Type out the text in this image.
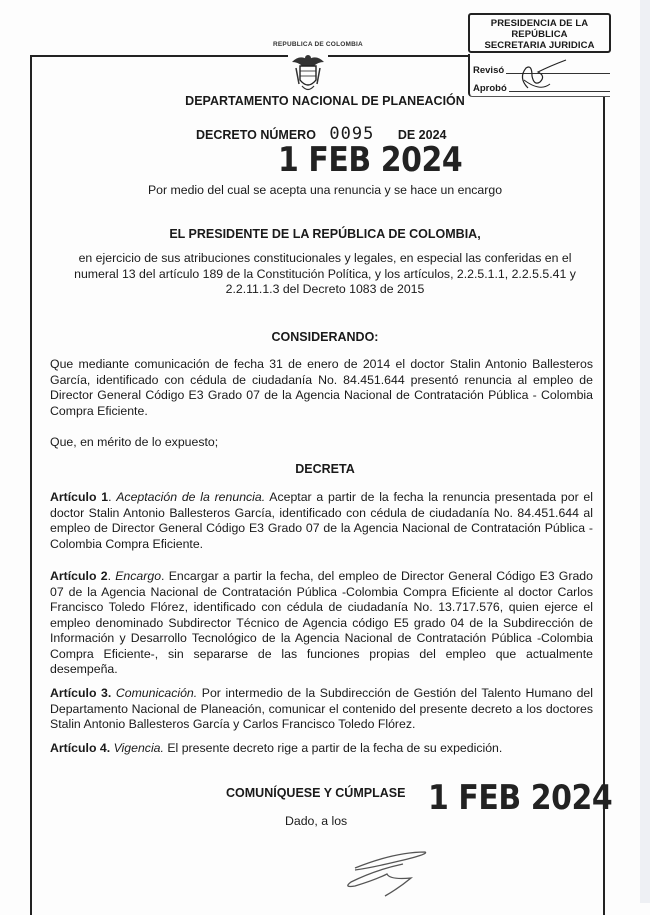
REPUBLICA DE COLOMBIA
PRESIDENCIA DE LA REPÚBLICA
SECRETARIA JURIDICA
Revisó
Aprobó
DEPARTAMENTO NACIONAL DE PLANEACIÓN
DECRETO NÚMERO 0095 DE 2024
1 FEB 2024
Por medio del cual se acepta una renuncia y se hace un encargo
EL PRESIDENTE DE LA REPÚBLICA DE COLOMBIA,
en ejercicio de sus atribuciones constitucionales y legales, en especial las conferidas en el numeral 13 del artículo 189 de la Constitución Política, y los artículos, 2.2.5.1.1, 2.2.5.5.41 y 2.2.11.1.3 del Decreto 1083 de 2015
CONSIDERANDO:
Que mediante comunicación de fecha 31 de enero de 2014 el doctor Stalin Antonio Ballesteros García, identificado con cédula de ciudadanía No. 84.451.644 presentó renuncia al empleo de Director General Código E3 Grado 07 de la Agencia Nacional de Contratación Pública - Colombia Compra Eficiente.
Que, en mérito de lo expuesto;
DECRETA
Artículo 1. Aceptación de la renuncia. Aceptar a partir de la fecha la renuncia presentada por el doctor Stalin Antonio Ballesteros García, identificado con cédula de ciudadanía No. 84.451.644 al empleo de Director General Código E3 Grado 07 de la Agencia Nacional de Contratación Pública -Colombia Compra Eficiente.
Artículo 2. Encargo. Encargar a partir la fecha, del empleo de Director General Código E3 Grado 07 de la Agencia Nacional de Contratación Pública -Colombia Compra Eficiente al doctor Carlos Francisco Toledo Flórez, identificado con cédula de ciudadanía No. 13.717.576, quien ejerce el empleo denominado Subdirector Técnico de Agencia código E5 grado 04 de la Subdirección de Información y Desarrollo Tecnológico de la Agencia Nacional de Contratación Pública -Colombia Compra Eficiente-, sin separarse de las funciones propias del empleo que actualmente desempeña.
Artículo 3. Comunicación. Por intermedio de la Subdirección de Gestión del Talento Humano del Departamento Nacional de Planeación, comunicar el contenido del presente decreto a los doctores Stalin Antonio Ballesteros García y Carlos Francisco Toledo Flórez.
Artículo 4. Vigencia. El presente decreto rige a partir de la fecha de su expedición.
COMUNÍQUESE Y CÚMPLASE 1 FEB 2024
Dado, a los
